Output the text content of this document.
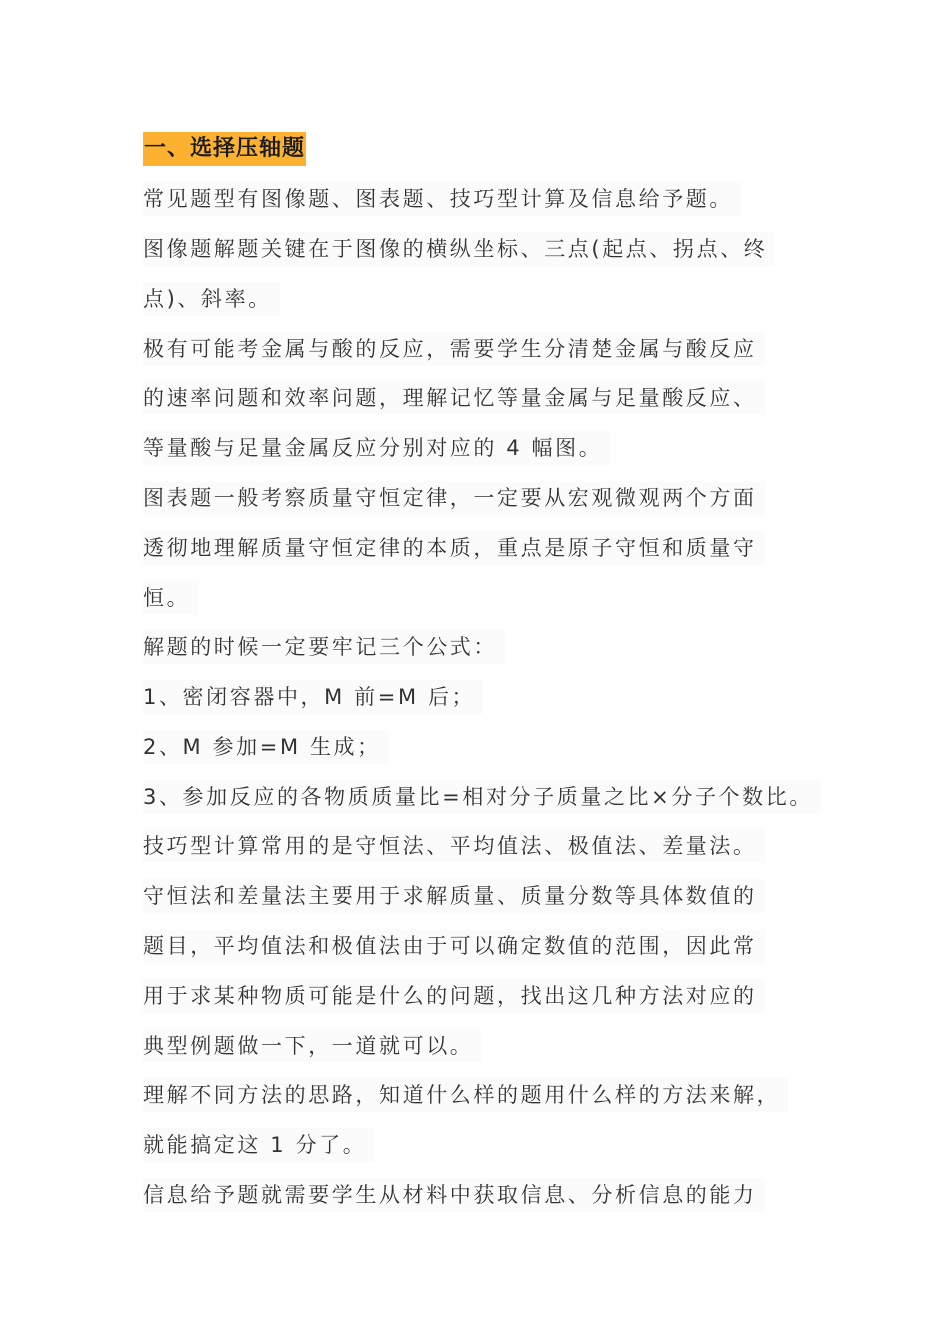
一、选择压轴题
常见题型有图像题、图表题、技巧型计算及信息给予题。
图像题解题关键在于图像的横纵坐标、三点(起点、拐点、终
点)、斜率。
极有可能考金属与酸的反应，需要学生分清楚金属与酸反应
的速率问题和效率问题，理解记忆等量金属与足量酸反应、
等量酸与足量金属反应分别对应的 4 幅图。
图表题一般考察质量守恒定律，一定要从宏观微观两个方面
透彻地理解质量守恒定律的本质，重点是原子守恒和质量守
恒。
解题的时候一定要牢记三个公式：
1、密闭容器中，M 前=M 后；
2、M 参加=M 生成；
3、参加反应的各物质质量比=相对分子质量之比×分子个数比。
技巧型计算常用的是守恒法、平均值法、极值法、差量法。
守恒法和差量法主要用于求解质量、质量分数等具体数值的
题目，平均值法和极值法由于可以确定数值的范围，因此常
用于求某种物质可能是什么的问题，找出这几种方法对应的
典型例题做一下，一道就可以。
理解不同方法的思路，知道什么样的题用什么样的方法来解，
就能搞定这 1 分了。
信息给予题就需要学生从材料中获取信息、分析信息的能力
